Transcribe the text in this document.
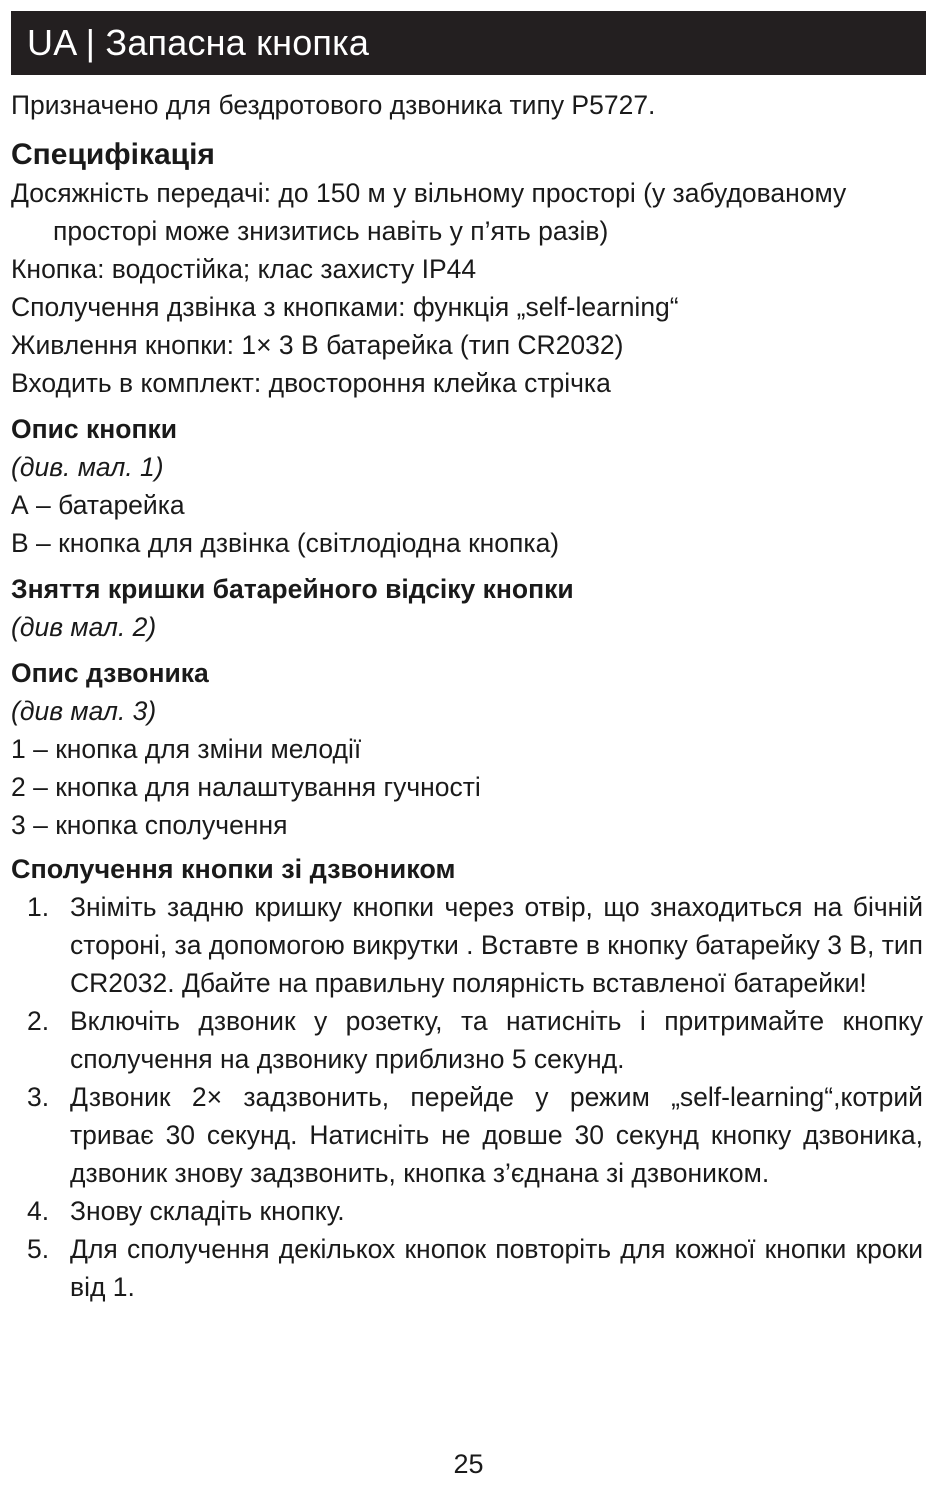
UA | Запасна кнопка

Призначено для бездротового дзвоника типу P5727.

Специфікація

Досяжність передачі: до 150 м у вільному просторі (у забудованому просторі може знизитись навіть у п’ять разів)

Кнопка: водостійка; клас захисту IP44

Сполучення дзвінка з кнопками: функція „self-learning“

Живлення кнопки: 1× 3 В батарейка (тип CR2032)

Входить в комплект: двостороння клейка стрічка

Опис кнопки

(див. мал. 1)

А – батарейка

В – кнопка для дзвінка (світлодіодна кнопка)

Зняття кришки батарейного відсіку кнопки

(див мал. 2)

Опис дзвоника

(див мал. 3)

1 – кнопка для зміни мелодії

2 – кнопка для налаштування гучності

3 – кнопка сполучення

Сполучення кнопки зі дзвоником
1. Зніміть задню кришку кнопки через отвір, що знаходиться на бічній стороні, за допомогою викрутки . Вставте в кнопку батарейку 3 В, тип CR2032. Дбайте на правильну полярність вставленої батарейки!
2. Включіть дзвоник у розетку, та натисніть і притримайте кнопку сполучення на дзвонику приблизно 5 секунд.
3. Дзвоник 2× задзвонить, перейде у режим „self-learning“,котрий триває 30 секунд. Натисніть не довше 30 секунд кнопку дзвоника, дзвоник знову задзвонить, кнопка з’єднана зі дзвоником.
4. Знову складіть кнопку.
5. Для сполучення декількох кнопок повторіть для кожної кнопки кроки від 1.
25
